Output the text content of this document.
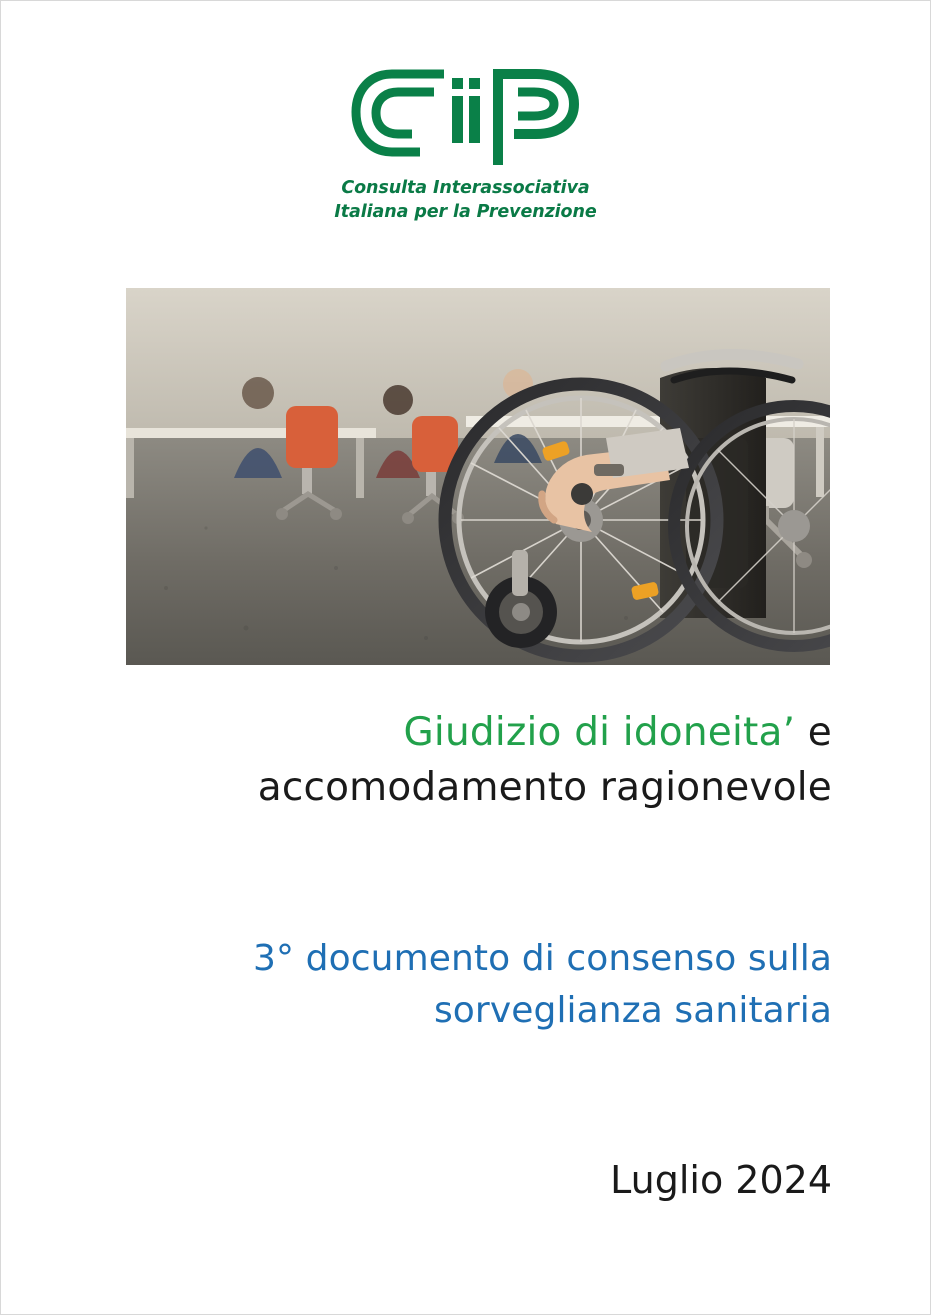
Consulta Interassociativa
Italiana per la Prevenzione
Giudizio di idoneita’ e
accomodamento ragionevole
3° documento di consenso sulla
sorveglianza sanitaria
Luglio 2024
